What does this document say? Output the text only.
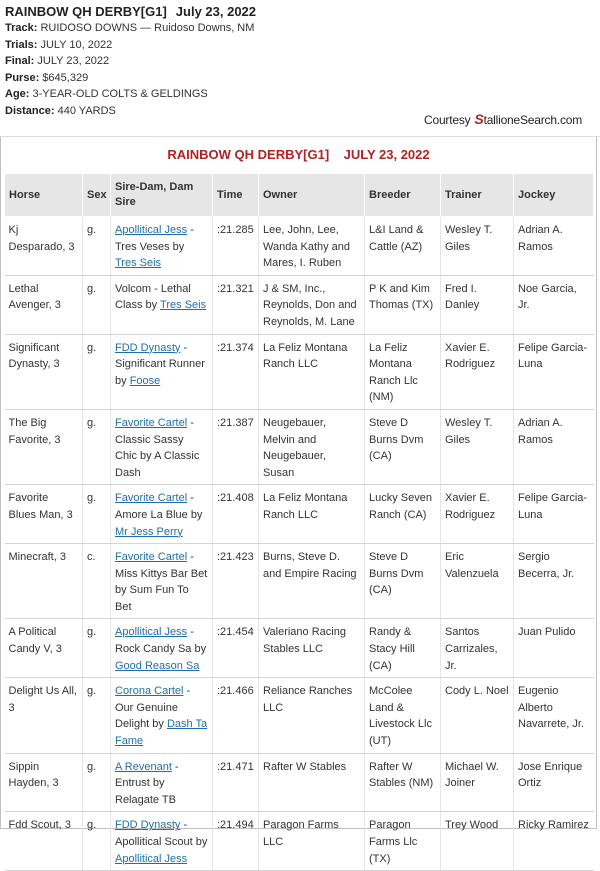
RAINBOW QH DERBY[G1] July 23, 2022
Track: RUIDOSO DOWNS — Ruidoso Downs, NM
Trials: JULY 10, 2022
Final: JULY 23, 2022
Purse: $645,329
Age: 3-YEAR-OLD COLTS & GELDINGS
Distance: 440 YARDS
Courtesy StallioneSearch.com
RAINBOW QH DERBY[G1]    JULY 23, 2022
Horse	Sex	Sire-Dam, Dam Sire	Time	Owner	Breeder	Trainer	Jockey
Kj Desparado, 3	g.	Apollitical Jess - Tres Veses by Tres Seis	:21.285	Lee, John, Lee, Wanda Kathy and Mares, I. Ruben	L&I Land & Cattle (AZ)	Wesley T. Giles	Adrian A. Ramos
Lethal Avenger, 3	g.	Volcom - Lethal Class by Tres Seis	:21.321	J & SM, Inc., Reynolds, Don and Reynolds, M. Lane	P K and Kim Thomas (TX)	Fred I. Danley	Noe Garcia, Jr.
Significant Dynasty, 3	g.	FDD Dynasty - Significant Runner by Foose	:21.374	La Feliz Montana Ranch LLC	La Feliz Montana Ranch Llc (NM)	Xavier E. Rodriguez	Felipe Garcia-Luna
The Big Favorite, 3	g.	Favorite Cartel - Classic Sassy Chic by A Classic Dash	:21.387	Neugebauer, Melvin and Neugebauer, Susan	Steve D Burns Dvm (CA)	Wesley T. Giles	Adrian A. Ramos
Favorite Blues Man, 3	g.	Favorite Cartel - Amore La Blue by Mr Jess Perry	:21.408	La Feliz Montana Ranch LLC	Lucky Seven Ranch (CA)	Xavier E. Rodriguez	Felipe Garcia-Luna
Minecraft, 3	c.	Favorite Cartel - Miss Kittys Bar Bet by Sum Fun To Bet	:21.423	Burns, Steve D. and Empire Racing	Steve D Burns Dvm (CA)	Eric Valenzuela	Sergio Becerra, Jr.
A Political Candy V, 3	g.	Apollitical Jess - Rock Candy Sa by Good Reason Sa	:21.454	Valeriano Racing Stables LLC	Randy & Stacy Hill (CA)	Santos Carrizales, Jr.	Juan Pulido
Delight Us All, 3	g.	Corona Cartel - Our Genuine Delight by Dash Ta Fame	:21.466	Reliance Ranches LLC	McColee Land & Livestock Llc (UT)	Cody L. Noel	Eugenio Alberto Navarrete, Jr.
Sippin Hayden, 3	g.	A Revenant - Entrust by Relagate TB	:21.471	Rafter W Stables	Rafter W Stables (NM)	Michael W. Joiner	Jose Enrique Ortiz
Fdd Scout, 3	g.	FDD Dynasty - Apollitical Scout by Apollitical Jess	:21.494	Paragon Farms LLC	Paragon Farms Llc (TX)	Trey Wood	Ricky Ramirez
